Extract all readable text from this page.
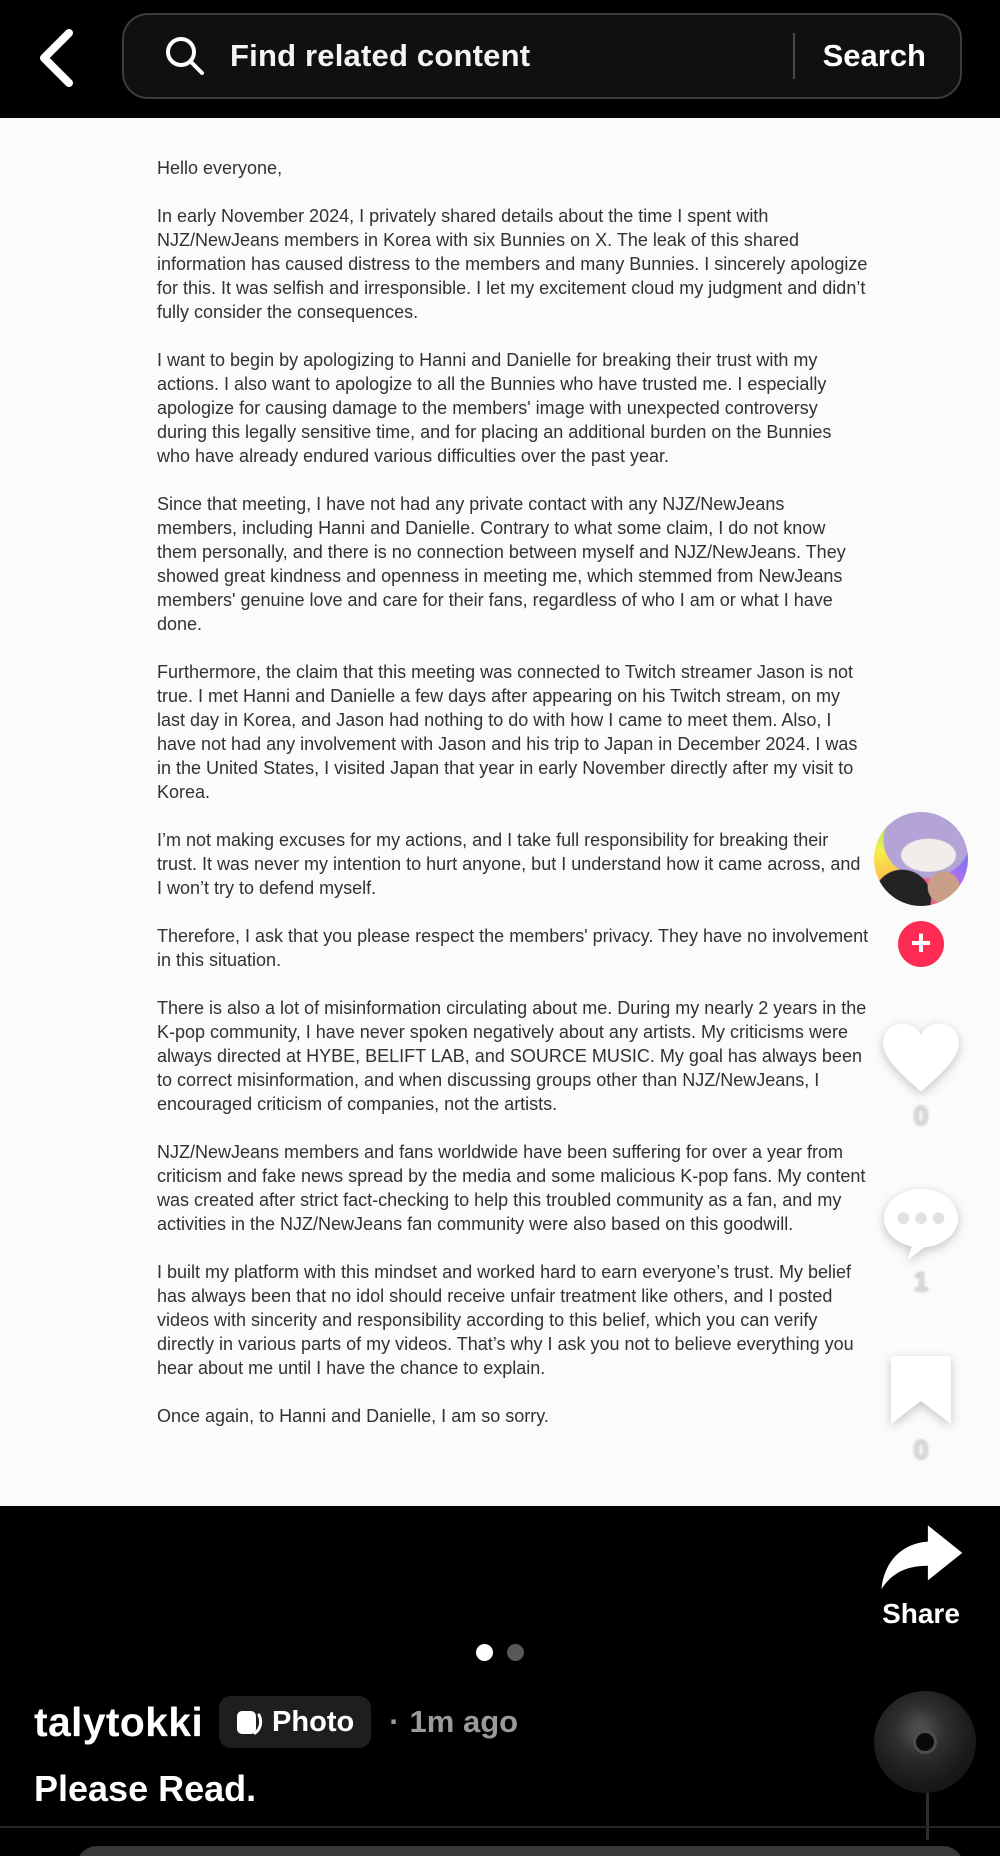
Find related content	Search

Hello everyone,

In early November 2024, I privately shared details about the time I spent with NJZ/NewJeans members in Korea with six Bunnies on X. The leak of this shared information has caused distress to the members and many Bunnies. I sincerely apologize for this. It was selfish and irresponsible. I let my excitement cloud my judgment and didn’t fully consider the consequences.

I want to begin by apologizing to Hanni and Danielle for breaking their trust with my actions. I also want to apologize to all the Bunnies who have trusted me. I especially apologize for causing damage to the members' image with unexpected controversy during this legally sensitive time, and for placing an additional burden on the Bunnies who have already endured various difficulties over the past year.

Since that meeting, I have not had any private contact with any NJZ/NewJeans members, including Hanni and Danielle. Contrary to what some claim, I do not know them personally, and there is no connection between myself and NJZ/NewJeans. They showed great kindness and openness in meeting me, which stemmed from NewJeans members' genuine love and care for their fans, regardless of who I am or what I have done.

Furthermore, the claim that this meeting was connected to Twitch streamer Jason is not true. I met Hanni and Danielle a few days after appearing on his Twitch stream, on my last day in Korea, and Jason had nothing to do with how I came to meet them. Also, I have not had any involvement with Jason and his trip to Japan in December 2024. I was in the United States, I visited Japan that year in early November directly after my visit to Korea.

I’m not making excuses for my actions, and I take full responsibility for breaking their trust. It was never my intention to hurt anyone, but I understand how it came across, and I won’t try to defend myself.

Therefore, I ask that you please respect the members' privacy. They have no involvement in this situation.

There is also a lot of misinformation circulating about me. During my nearly 2 years in the K-pop community, I have never spoken negatively about any artists. My criticisms were always directed at HYBE, BELIFT LAB, and SOURCE MUSIC. My goal has always been to correct misinformation, and when discussing groups other than NJZ/NewJeans, I encouraged criticism of companies, not the artists.

NJZ/NewJeans members and fans worldwide have been suffering for over a year from criticism and fake news spread by the media and some malicious K-pop fans. My content was created after strict fact-checking to help this troubled community as a fan, and my activities in the NJZ/NewJeans fan community were also based on this goodwill.

I built my platform with this mindset and worked hard to earn everyone’s trust. My belief has always been that no idol should receive unfair treatment like others, and I posted videos with sincerity and responsibility according to this belief, which you can verify directly in various parts of my videos. That’s why I ask you not to believe everything you hear about me until I have the chance to explain.

Once again, to Hanni and Danielle, I am so sorry.

+
0
1
0
Share
talytokki Photo · 1m ago
Please Read.
